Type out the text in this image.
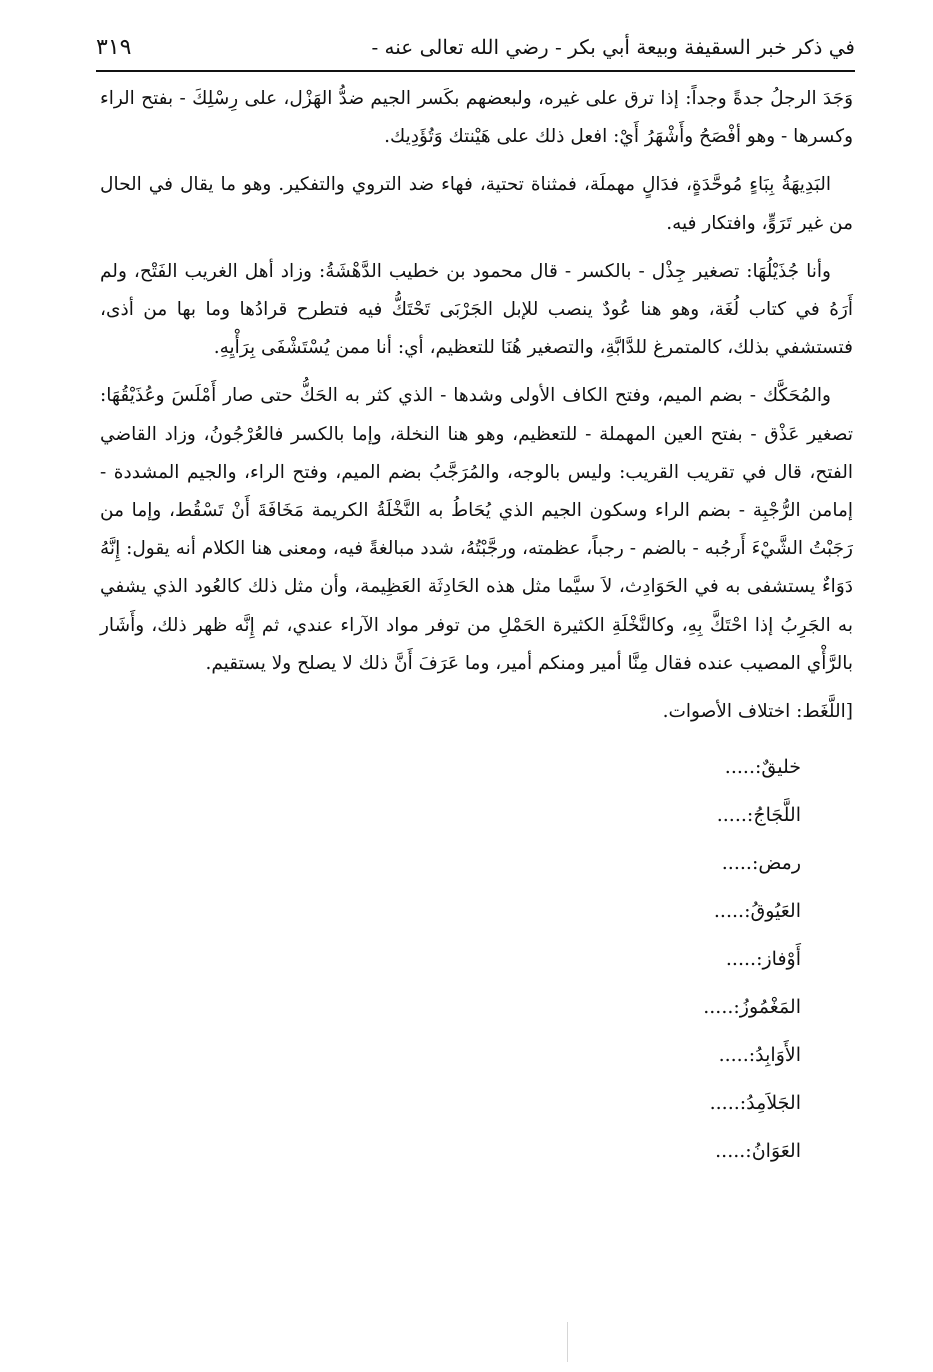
في ذكر خبر السقيفة وبيعة أبي بكر - رضي الله تعالى عنه -
٣١٩

وَجَدَ الرجلُ جدةً وجداً: إذا ترق على غيره، ولبعضهم بكَسر الجيم ضدُّ الهَزْل، على رِسْلِكَ - بفتح الراء وكسرها - وهو أفْصَحُ وأَشْهَرُ أَيْ: افعل ذلك على هَيْنتك وَتُؤَدِيك.

البَدِيهَةُ بِبَاءٍ مُوحَّدَةٍ، فدَالٍ مهملَة، فمثناة تحتية، فهاء ضد التروي والتفكير. وهو ما يقال في الحال من غير تَرَوٍّ، وافتكار فيه.

وأنا جُذَيْلُهَا: تصغير جِذْل - بالكسر - قال محمود بن خطيب الدَّهْشَةُ: وزاد أهل الغريب الفَتْح، ولم أَرَهُ في كتاب لُغَة، وهو هنا عُودٌ ينصب للإبل الجَرْبَى تَحْتَكُّ فيه فتطرح قرادُها وما بها من أذى، فتستشفي بذلك، كالمتمرغ للدَّابَّةِ، والتصغير هُنَا للتعظيم، أي: أنا ممن يُسْتَشْفَى بِرَأْيِهِ.

والمُحَكَّك - بضم الميم، وفتح الكاف الأولى وشدها - الذي كثر به الحَكُّ حتى صار أَمْلَسَ وعُذَيْقُهَا: تصغير عَذْق - بفتح العين المهملة - للتعظيم، وهو هنا النخلة، وإما بالكسر فالعُرْجُونُ، وزاد القاضي الفتح، قال في تقريب القريب: وليس بالوجه، والمُرَجَّبُ بضم الميم، وفتح الراء، والجيم المشددة - إمامن الرُّجْبِة - بضم الراء وسكون الجيم الذي يُحَاطُ به النَّخْلَةُ الكريمة مَخَافَةَ أَنْ تَسْقُط، وإما من رَجَبْتُ الشَّيْءَ أَرجُبه - بالضم - رجباً، عظمته، ورجَّبْتُهُ، شدد مبالغةً فيه، ومعنى هنا الكلام أنه يقول: إِنَّهُ دَوَاءٌ يستشفى به في الحَوَادِث، لاَ سيَّما مثل هذه الحَادِثَة العَظِيمة، وأن مثل ذلك كالعُود الذي يشفي به الجَرِبُ إذا احْتَكَّ بِهِ، وكالنَّخْلَةِ الكثيرة الحَمْلِ من توفر مواد الآراء عندي، ثم إِنَّه ظهر ذلك، وأَشَار بالرَّأْي المصيب عنده فقال مِنَّا أمير ومنكم أمير، وما عَرَفَ أَنَّ ذلك لا يصلح ولا يستقيم.

[اللَّغَط: اختلاف الأصوات.

خليقٌ:.....
اللَّجَاجُ:.....
رمض:.....
العَيُوقُ:.....
أَوْفاز:.....
المَغْمُوزُ:.....
الأَوَابِدُ:.....
الجَلاَمِدُ:.....
العَوَانُ:.....
